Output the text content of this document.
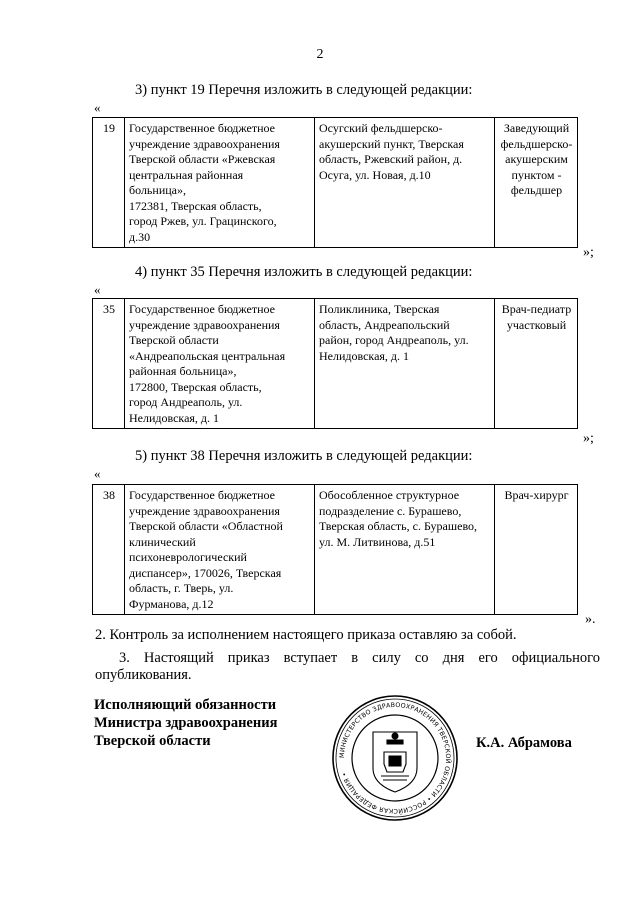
2
3) пункт 19 Перечня изложить в следующей редакции:
«
19	Государственное бюджетное
учреждение здравоохранения
Тверской области «Ржевская
центральная районная
больница»,
172381, Тверская область,
город Ржев, ул. Грацинского,
д.30

Осугский фельдшерско-
акушерский пункт, Тверская
область, Ржевский район, д.
Осуга, ул. Новая, д.10

Заведующий
фельдшерско-
акушерским
пунктом -
фельдшер
»;
4) пункт 35 Перечня изложить в следующей редакции:
«
35	Государственное бюджетное
учреждение здравоохранения
Тверской области
«Андреапольская центральная
районная больница»,
172800, Тверская область,
город Андреаполь, ул.
Нелидовская, д. 1

Поликлиника, Тверская
область, Андреапольский
район, город Андреаполь, ул.
Нелидовская, д. 1

Врач-педиатр
участковый
»;
5) пункт 38 Перечня изложить в следующей редакции:
«
38	Государственное бюджетное
учреждение здравоохранения
Тверской области «Областной
клинический
психоневрологический
диспансер», 170026, Тверская
область, г. Тверь, ул.
Фурманова, д.12

Обособленное структурное
подразделение с. Бурашево,
Тверская область, с. Бурашево,
ул. М. Литвинова, д.51

Врач-хирург
».
2. Контроль за исполнением настоящего приказа оставляю за собой.
3. Настоящий приказ вступает в силу со дня его официального
опубликования.
Исполняющий обязанности
Министра здравоохранения
Тверской области
МИНИСТЕРСТВО ЗДРАВООХРАНЕНИЯ ТВЕРСКОЙ ОБЛАСТИ • РОССИЙСКАЯ ФЕДЕРАЦИЯ •
К.А. Абрамова
